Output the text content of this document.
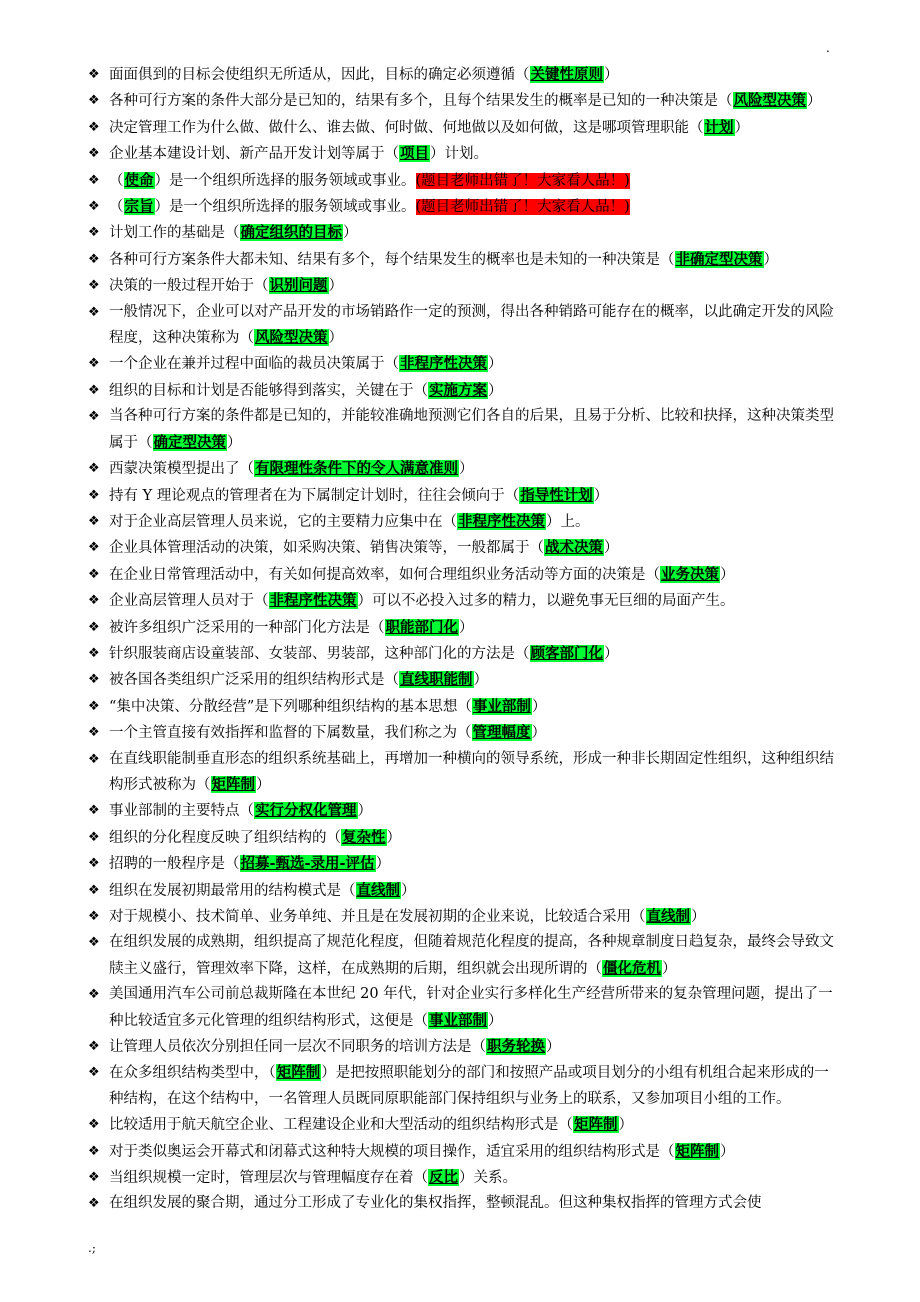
.
❖ 面面俱到的目标会使组织无所适从，因此，目标的确定必须遵循（关键性原则）
❖ 各种可行方案的条件大部分是已知的，结果有多个，且每个结果发生的概率是已知的一种决策是（风险型决策）
❖ 决定管理工作为什么做、做什么、谁去做、何时做、何地做以及如何做，这是哪项管理职能（计划）
❖ 企业基本建设计划、新产品开发计划等属于（项目）计划。
❖ （使命）是一个组织所选择的服务领域或事业。(题目老师出错了！大家看人品！)
❖ （宗旨）是一个组织所选择的服务领域或事业。(题目老师出错了！大家看人品！)
❖ 计划工作的基础是（确定组织的目标）
❖ 各种可行方案条件大都未知、结果有多个，每个结果发生的概率也是未知的一种决策是（非确定型决策）
❖ 决策的一般过程开始于（识别问题）
❖ 一般情况下，企业可以对产品开发的市场销路作一定的预测，得出各种销路可能存在的概率，以此确定开发的风险程度，这种决策称为（风险型决策）
❖ 一个企业在兼并过程中面临的裁员决策属于（非程序性决策）
❖ 组织的目标和计划是否能够得到落实，关键在于（实施方案）
❖ 当各种可行方案的条件都是已知的，并能较准确地预测它们各自的后果，且易于分析、比较和抉择，这种决策类型属于（确定型决策）
❖ 西蒙决策模型提出了（有限理性条件下的令人满意准则）
❖ 持有 Y 理论观点的管理者在为下属制定计划时，往往会倾向于（指导性计划）
❖ 对于企业高层管理人员来说，它的主要精力应集中在（非程序性决策）上。
❖ 企业具体管理活动的决策，如采购决策、销售决策等，一般都属于（战术决策）
❖ 在企业日常管理活动中，有关如何提高效率，如何合理组织业务活动等方面的决策是（业务决策）
❖ 企业高层管理人员对于（非程序性决策）可以不必投入过多的精力，以避免事无巨细的局面产生。
❖ 被许多组织广泛采用的一种部门化方法是（职能部门化）
❖ 针织服装商店设童装部、女装部、男装部，这种部门化的方法是（顾客部门化）
❖ 被各国各类组织广泛采用的组织结构形式是（直线职能制）
❖ “集中决策、分散经营”是下列哪种组织结构的基本思想（事业部制）
❖ 一个主管直接有效指挥和监督的下属数量，我们称之为（管理幅度）
❖ 在直线职能制垂直形态的组织系统基础上，再增加一种横向的领导系统，形成一种非长期固定性组织，这种组织结构形式被称为（矩阵制）
❖ 事业部制的主要特点（实行分权化管理）
❖ 组织的分化程度反映了组织结构的（复杂性）
❖ 招聘的一般程序是（招募-甄选-录用-评估）
❖ 组织在发展初期最常用的结构模式是（直线制）
❖ 对于规模小、技术简单、业务单纯、并且是在发展初期的企业来说，比较适合采用（直线制）
❖ 在组织发展的成熟期，组织提高了规范化程度，但随着规范化程度的提高，各种规章制度日趋复杂，最终会导致文牍主义盛行，管理效率下降，这样，在成熟期的后期，组织就会出现所谓的（僵化危机）
❖ 美国通用汽车公司前总裁斯隆在本世纪 20 年代，针对企业实行多样化生产经营所带来的复杂管理问题，提出了一种比较适宜多元化管理的组织结构形式，这便是（事业部制）
❖ 让管理人员依次分别担任同一层次不同职务的培训方法是（职务轮换）
❖ 在众多组织结构类型中，（矩阵制）是把按照职能划分的部门和按照产品或项目划分的小组有机组合起来形成的一种结构，在这个结构中，一名管理人员既同原职能部门保持组织与业务上的联系，又参加项目小组的工作。
❖ 比较适用于航天航空企业、工程建设企业和大型活动的组织结构形式是（矩阵制）
❖ 对于类似奥运会开幕式和闭幕式这种特大规模的项目操作，适宜采用的组织结构形式是（矩阵制）
❖ 当组织规模一定时，管理层次与管理幅度存在着（反比）关系。
❖ 在组织发展的聚合期，通过分工形成了专业化的集权指挥，整顿混乱。但这种集权指挥的管理方式会使
.;
